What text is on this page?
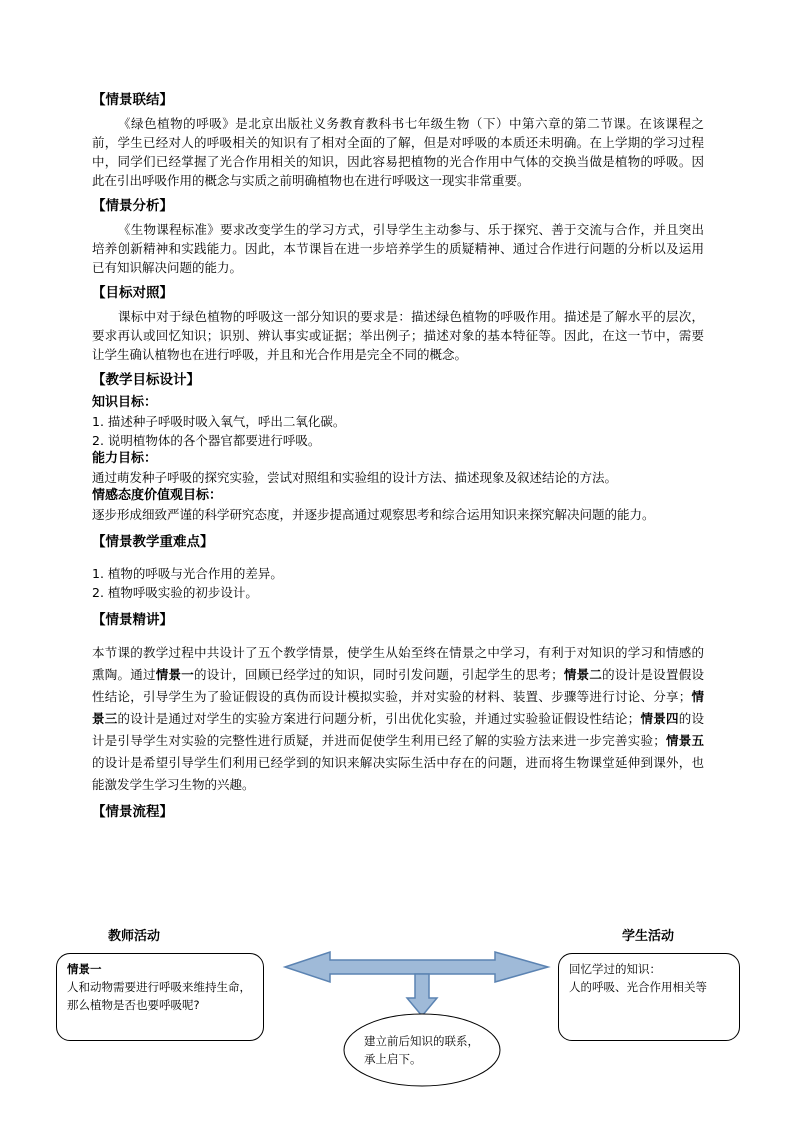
【情景联结】
《绿色植物的呼吸》是北京出版社义务教育教科书七年级生物（下）中第六章的第二节课。在该课程之前，学生已经对人的呼吸相关的知识有了相对全面的了解，但是对呼吸的本质还未明确。在上学期的学习过程中，同学们已经掌握了光合作用相关的知识，因此容易把植物的光合作用中气体的交换当做是植物的呼吸。因此在引出呼吸作用的概念与实质之前明确植物也在进行呼吸这一现实非常重要。
【情景分析】
《生物课程标准》要求改变学生的学习方式，引导学生主动参与、乐于探究、善于交流与合作，并且突出培养创新精神和实践能力。因此，本节课旨在进一步培养学生的质疑精神、通过合作进行问题的分析以及运用已有知识解决问题的能力。
【目标对照】
课标中对于绿色植物的呼吸这一部分知识的要求是：描述绿色植物的呼吸作用。描述是了解水平的层次，要求再认或回忆知识；识别、辨认事实或证据；举出例子；描述对象的基本特征等。因此，在这一节中，需要让学生确认植物也在进行呼吸，并且和光合作用是完全不同的概念。
【教学目标设计】
知识目标：
1. 描述种子呼吸时吸入氧气，呼出二氧化碳。
2. 说明植物体的各个器官都要进行呼吸。
能力目标：
通过萌发种子呼吸的探究实验，尝试对照组和实验组的设计方法、描述现象及叙述结论的方法。
情感态度价值观目标：
逐步形成细致严谨的科学研究态度，并逐步提高通过观察思考和综合运用知识来探究解决问题的能力。
【情景教学重难点】
1. 植物的呼吸与光合作用的差异。
2. 植物呼吸实验的初步设计。
【情景精讲】
本节课的教学过程中共设计了五个教学情景，使学生从始至终在情景之中学习，有利于对知识的学习和情感的熏陶。通过情景一的设计，回顾已经学过的知识，同时引发问题，引起学生的思考；情景二的设计是设置假设性结论，引导学生为了验证假设的真伪而设计模拟实验，并对实验的材料、装置、步骤等进行讨论、分享；情景三的设计是通过对学生的实验方案进行问题分析，引出优化实验，并通过实验验证假设性结论；情景四的设计是引导学生对实验的完整性进行质疑，并进而促使学生利用已经了解的实验方法来进一步完善实验；情景五的设计是希望引导学生们利用已经学到的知识来解决实际生活中存在的问题，进而将生物课堂延伸到课外，也能激发学生学习生物的兴趣。
【情景流程】
教师活动	学生活动
情景一
人和动物需要进行呼吸来维持生命，那么植物是否也要呼吸呢?
回忆学过的知识：
人的呼吸、光合作用相关等
建立前后知识的联系，承上启下。
